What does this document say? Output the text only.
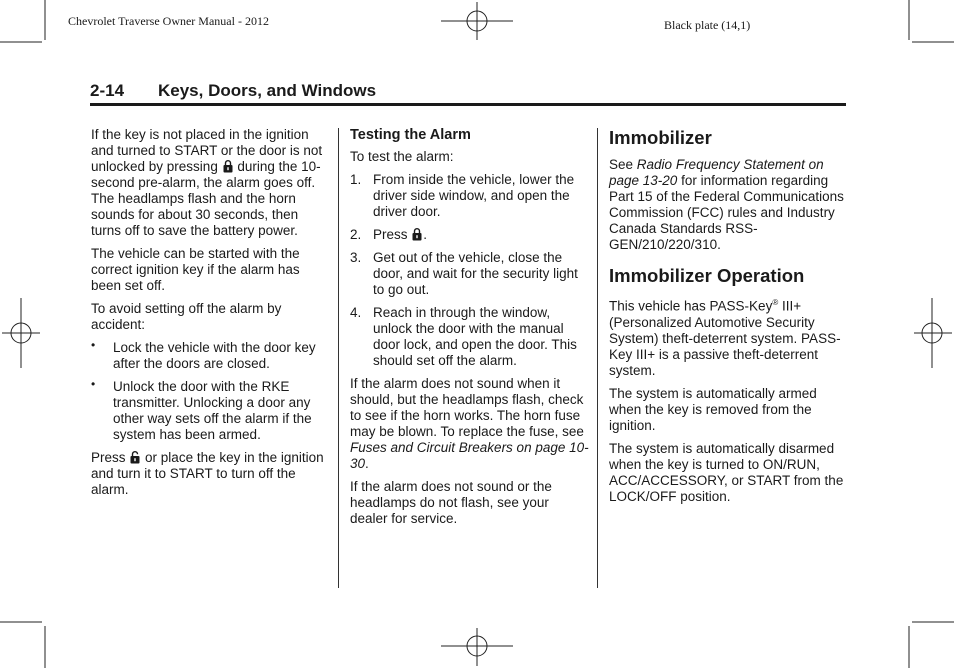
Chevrolet Traverse Owner Manual - 2012	Black plate (14,1)
2-14 Keys, Doors, and Windows

If the key is not placed in the ignition and turned to START or the door is not unlocked by pressing during the 10-second pre-alarm, the alarm goes off. The headlamps flash and the horn sounds for about 30 seconds, then turns off to save the battery power.

The vehicle can be started with the correct ignition key if the alarm has been set off.

To avoid setting off the alarm by accident:

• Lock the vehicle with the door key after the doors are closed.
• Unlock the door with the RKE transmitter. Unlocking a door any other way sets off the alarm if the system has been armed.

Press or place the key in the ignition and turn it to START to turn off the alarm.

Testing the Alarm

To test the alarm:

1. From inside the vehicle, lower the driver side window, and open the driver door.
2. Press .
3. Get out of the vehicle, close the door, and wait for the security light to go out.
4. Reach in through the window, unlock the door with the manual door lock, and open the door. This should set off the alarm.

If the alarm does not sound when it should, but the headlamps flash, check to see if the horn works. The horn fuse may be blown. To replace the fuse, see Fuses and Circuit Breakers on page 10-30.

If the alarm does not sound or the headlamps do not flash, see your dealer for service.

Immobilizer

See Radio Frequency Statement on page 13-20 for information regarding Part 15 of the Federal Communications Commission (FCC) rules and Industry Canada Standards RSS-GEN/210/220/310.

Immobilizer Operation

This vehicle has PASS-Key® III+ (Personalized Automotive Security System) theft-deterrent system. PASS-Key III+ is a passive theft-deterrent system.

The system is automatically armed when the key is removed from the ignition.

The system is automatically disarmed when the key is turned to ON/RUN, ACC/ACCESSORY, or START from the LOCK/OFF position.
